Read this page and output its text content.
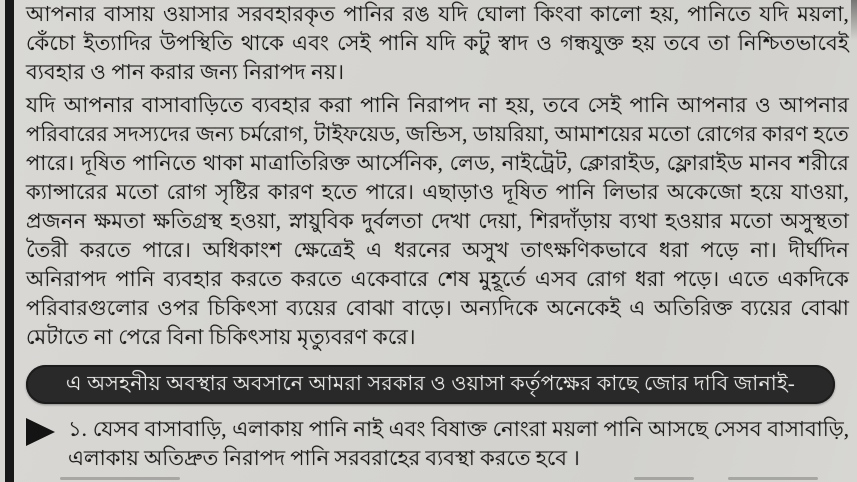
আপনার বাসায় ওয়াসার সরবহারকৃত পানির রঙ যদি ঘোলা কিংবা কালো হয়, পানিতে যদি ময়লা, কেঁচো ইত্যাদির উপস্থিতি থাকে এবং সেই পানি যদি কটু স্বাদ ও গন্ধযুক্ত হয় তবে তা নিশ্চিতভাবেই ব্যবহার ও পান করার জন্য নিরাপদ নয়।

যদি আপনার বাসাবাড়িতে ব্যবহার করা পানি নিরাপদ না হয়, তবে সেই পানি আপনার ও আপনার পরিবারের সদস্যদের জন্য চর্মরোগ, টাইফয়েড, জন্ডিস, ডায়রিয়া, আমাশয়ের মতো রোগের কারণ হতে পারে। দূষিত পানিতে থাকা মাত্রাতিরিক্ত আর্সেনিক, লেড, নাইট্রেট, ক্লোরাইড, ফ্লোরাইড মানব শরীরে ক্যান্সারের মতো রোগ সৃষ্টির কারণ হতে পারে। এছাড়াও দূষিত পানি লিভার অকেজো হয়ে যাওয়া, প্রজনন ক্ষমতা ক্ষতিগ্রস্থ হওয়া, স্নায়ুবিক দুর্বলতা দেখা দেয়া, শিরদাঁড়ায় ব্যথা হওয়ার মতো অসুস্থতা তৈরী করতে পারে। অধিকাংশ ক্ষেত্রেই এ ধরনের অসুখ তাৎক্ষণিকভাবে ধরা পড়ে না। দীর্ঘদিন অনিরাপদ পানি ব্যবহার করতে করতে একেবারে শেষ মুহূর্তে এসব রোগ ধরা পড়ে। এতে একদিকে পরিবারগুলোর ওপর চিকিৎসা ব্যয়ের বোঝা বাড়ে। অন্যদিকে অনেকেই এ অতিরিক্ত ব্যয়ের বোঝা মেটাতে না পেরে বিনা চিকিৎসায় মৃত্যুবরণ করে।

এ অসহনীয় অবস্থার অবসানে আমরা সরকার ও ওয়াসা কর্তৃপক্ষের কাছে জোর দাবি জানাই-
১. যেসব বাসাবাড়ি, এলাকায় পানি নাই এবং বিষাক্ত নোংরা ময়লা পানি আসছে সেসব বাসাবাড়ি, এলাকায় অতিদ্রুত নিরাপদ পানি সরবরাহের ব্যবস্থা করতে হবে ।
